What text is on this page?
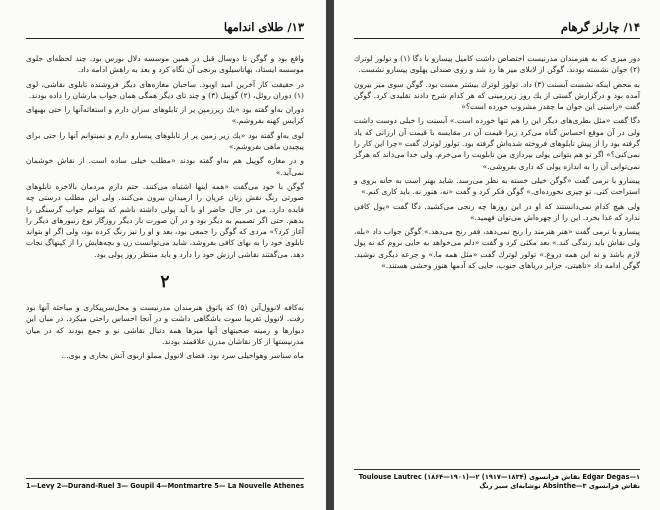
۱۳/ طلای اندامها

واقع بود و گوگن تا دوسال قبل در همین موسسه دلال بورس بود. چند لحظه‌ای جلوی موسسه ایستاد، بهاتاسیلوی برنجی آن نگاه کرد و بعد به راهش ادامه داد.

در حقیقت کار آخرین امید اوبود. ساحبان مغازه‌های دیگر فروشنده تابلوی نقاشی، لوی (۱) دوران روئل، (۲) گوپیل (۳) و چند تای دیگر همگی همان جواب مارشان را داده بودند.

دوران به‌او گفته بود «یك زیرزمین پر از تابلوهای سزان دارم و استغاثه‌آنها را حتی بهبهای کرایس کهنه بفروشم.»

لوی به‌او گفته بود «یك زیر زمین پر از تابلوهای پیسارو دارم و نمیتوانم آنها را حتی برای پیچیدن ماهی بفروشم.»

و در مغازه گوپیل هم به‌او گفته بودند «مطلب خیلی ساده است. از نقاش خوشمان نمی‌آید.»

گوگن با خود می‌گفت «همه اینها اشتباه می‌کنند. حتم دارم مردمان بالاخره تابلوهای صورتی رنگ نقش زنان عریان را ازمیدان بیرون می‌کنند. ولی این مطلب درستی چه فایده دارد. من در حال حاضر او با آید پولی داشته باشم که بتوانم جواب گرسنگی را بدهم. حتی اگر تصمیم به دیگر بود و در آن صورت بار دیگر روزگار نوع زنبورهای دیگر را آغاز کرد؟» مردی که گوگن را جمعی بود، بعد و او را نیز رنگ کرده بود، ولی اگر او بتواند تابلوی خود را به بهای کافی بفروشد، شاید می‌توانست زن و بچه‌هایش را از کپنهاگ نجات دهد. می‌گفتند نقاشی ارزش خود را دارد و باید منتظر روز پولی بود.

۲

به‌کافه لانوول‌آتن (۵) که پاتوق هنرمندان مدرنیست و محل‌سرپیکاری و مباحثه آنها بود رفت. لانوول تقریبا سوت باشگاهی داشت و در آنجا احساس راحتی میکرد. در میان این دیوارها و زمینه صحبتهای آنها میزها همه دنبال نقاشی نو و جمع بودند که در میان مدرنیستها از کار نقاشان مدرن علاقمند بودند.

ماه سناسر وهواخیلی سرد بود. فضای لانوول مملو ازبوی آتش بخاری و بوی...

1—Levy 2—Durand-Ruel 3— Goupil 4—Montmartre 5— La Nouvelle Athenes
۱۴/ چارلز گرهام

دور میزی که به هنرمندان مدرنیست اختصاص داشت کامیل پیسارو با دگا (۱) و تولوز لوترك (۲) جوان نشسته بودند. گوگن از لابلای میز ها رد شد و روی صندلی پهلوی پیسارو نشست.

به محض اینکه نشست آبسنت (۳) داد. تولوز لوترك بیشتر مست بود. گوگن سوی میز بیرون آمده بود و درگزارش گستی از یك روز زیرزمینی که هر کدام شرح دادند تقلیدی کرد. گوگن گفت «راستی این جوان ما چقدر مشروب خورده است؟»

دگا گفت «مثل بطری‌های دیگر این را هم تنها خورده است.» آبسنت را خیلی دوست داشت ولی در آن موقع احساس گناه می‌کرد زیرا قیمت آن در مقایسه با قیمت آن ارزانی که یاد گرفته بود را از پیش تابلوهای فروخته شده‌اش گرفته بود. تولوز لوترك گفت «چرا این کار را نمی‌کنی؟» اگر تو هم بتوانی پولی بپردازی من تابلویت را می‌خرم. ولی خدا می‌داند که هرگز نمی‌توانی آن را به اندازه پولی که داری بفروشی.»

پیسارو با نرمی گفت «گوگن خیلی خسته به نظر می‌رسد. شاید بهتر است به خانه بروی و استراحت کنی. تو چیزی نخورده‌ای.» گوگن فکر کرد و گفت «نه، هنوز نه. باید کاری کنم.»

ولی هیچ کدام نمی‌دانستند که او در این روزها چه رنجی می‌کشید. دگا گفت «پول کافی ندارد که غذا بخرد. این را از چهره‌اش می‌توان فهمید.»

پیسارو با نرمی گفت «هنر هنرمند را رنج نمی‌دهد، فقر رنج می‌دهد.» گوگن جواب داد «بله، ولی نقاش باید زندگی کند.» بعد مکثی کرد و گفت «دلم می‌خواهد به جایی بروم که نه پول لازم باشد و نه این همه دروغ.» تولوز لوترك گفت «مثل همه ما.» و جرعه دیگری نوشید. گوگن ادامه داد «تاهیتی، جزایر دریاهای جنوب، جایی که آدمها هنوز وحشی هستند.»

۱—Edgar Degas نقاش فرانسوی (۱۸۳۴—۱۹۱۷) ۲—Toulouse Lautrec (۱۸۶۴—۱۹۰۱) نقاش فرانسوی ۳—Absinthe نوشابه‌ای سبز رنگ
